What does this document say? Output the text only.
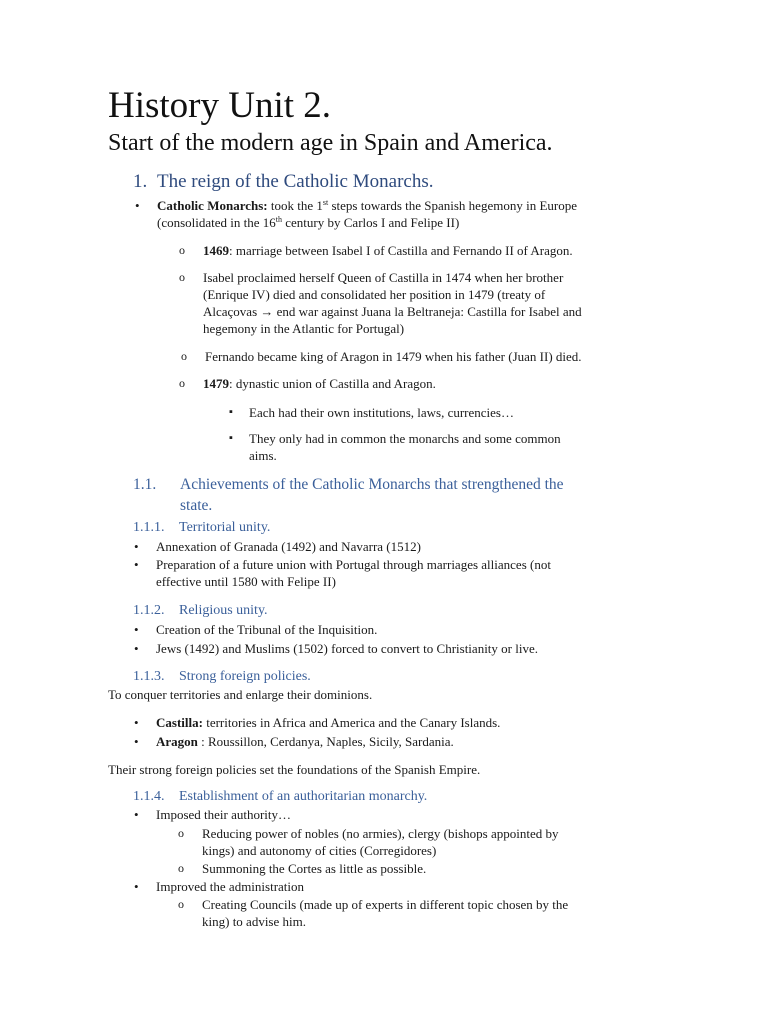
History Unit 2.
Start of the modern age in Spain and America.
1. The reign of the Catholic Monarchs.
• Catholic Monarchs: took the 1st steps towards the Spanish hegemony in Europe
(consolidated in the 16th century by Carlos I and Felipe II)
o 1469: marriage between Isabel I of Castilla and Fernando II of Aragon.
o Isabel proclaimed herself Queen of Castilla in 1474 when her brother
(Enrique IV) died and consolidated her position in 1479 (treaty of
Alcaçovas → end war against Juana la Beltraneja: Castilla for Isabel and
hegemony in the Atlantic for Portugal)
o Fernando became king of Aragon in 1479 when his father (Juan II) died.
o 1479: dynastic union of Castilla and Aragon.
▪ Each had their own institutions, laws, currencies…
▪ They only had in common the monarchs and some common
aims.
1.1. Achievements of the Catholic Monarchs that strengthened the
state.
1.1.1. Territorial unity.
• Annexation of Granada (1492) and Navarra (1512)
• Preparation of a future union with Portugal through marriages alliances (not
effective until 1580 with Felipe II)
1.1.2. Religious unity.
• Creation of the Tribunal of the Inquisition.
• Jews (1492) and Muslims (1502) forced to convert to Christianity or live.
1.1.3. Strong foreign policies.
To conquer territories and enlarge their dominions.
• Castilla: territories in Africa and America and the Canary Islands.
• Aragon : Roussillon, Cerdanya, Naples, Sicily, Sardania.
Their strong foreign policies set the foundations of the Spanish Empire.
1.1.4. Establishment of an authoritarian monarchy.
• Imposed their authority…
o Reducing power of nobles (no armies), clergy (bishops appointed by
kings) and autonomy of cities (Corregidores)
o Summoning the Cortes as little as possible.
• Improved the administration
o Creating Councils (made up of experts in different topic chosen by the
king) to advise him.
